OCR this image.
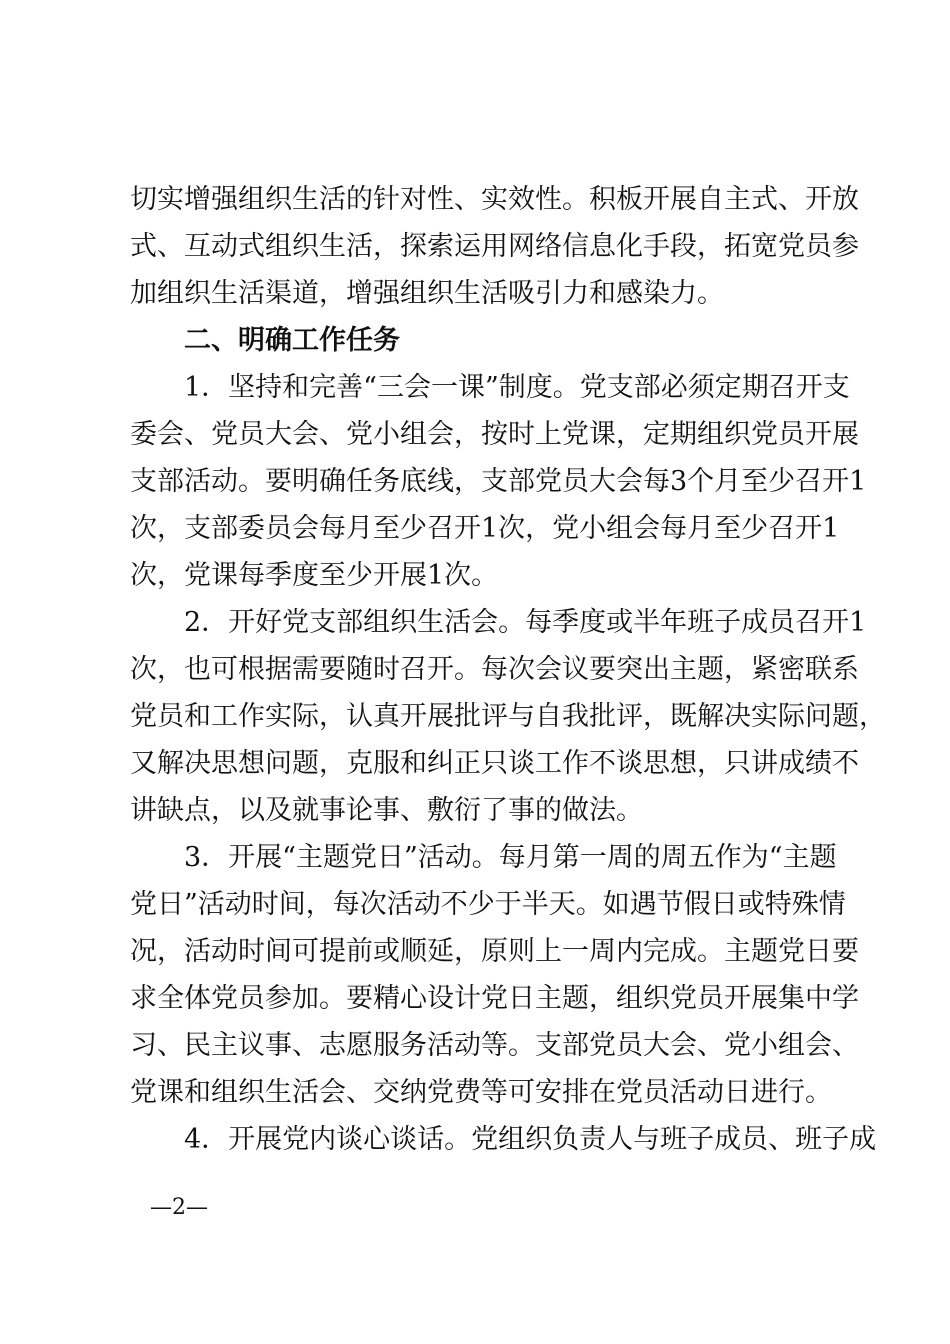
切实增强组织生活的针对性、实效性。积板开展自主式、开放
式、互动式组织生活，探索运用网络信息化手段，拓宽党员参
加组织生活渠道，增强组织生活吸引力和感染力。
二、明确工作任务
1．坚持和完善“三会一课”制度。党支部必须定期召开支
委会、党员大会、党小组会，按时上党课，定期组织党员开展
支部活动。要明确任务底线，支部党员大会每3个月至少召开1
次，支部委员会每月至少召开1次，党小组会每月至少召开1
次，党课每季度至少开展1次。
2．开好党支部组织生活会。每季度或半年班子成员召开1
次，也可根据需要随时召开。每次会议要突出主题，紧密联系
党员和工作实际，认真开展批评与自我批评，既解决实际问题，
又解决思想问题，克服和纠正只谈工作不谈思想，只讲成绩不
讲缺点，以及就事论事、敷衍了事的做法。
3．开展“主题党日”活动。每月第一周的周五作为“主题
党日”活动时间，每次活动不少于半天。如遇节假日或特殊情
况，活动时间可提前或顺延，原则上一周内完成。主题党日要
求全体党员参加。要精心设计党日主题，组织党员开展集中学
习、民主议事、志愿服务活动等。支部党员大会、党小组会、
党课和组织生活会、交纳党费等可安排在党员活动日进行。
4．开展党内谈心谈话。党组织负责人与班子成员、班子成
—2—
